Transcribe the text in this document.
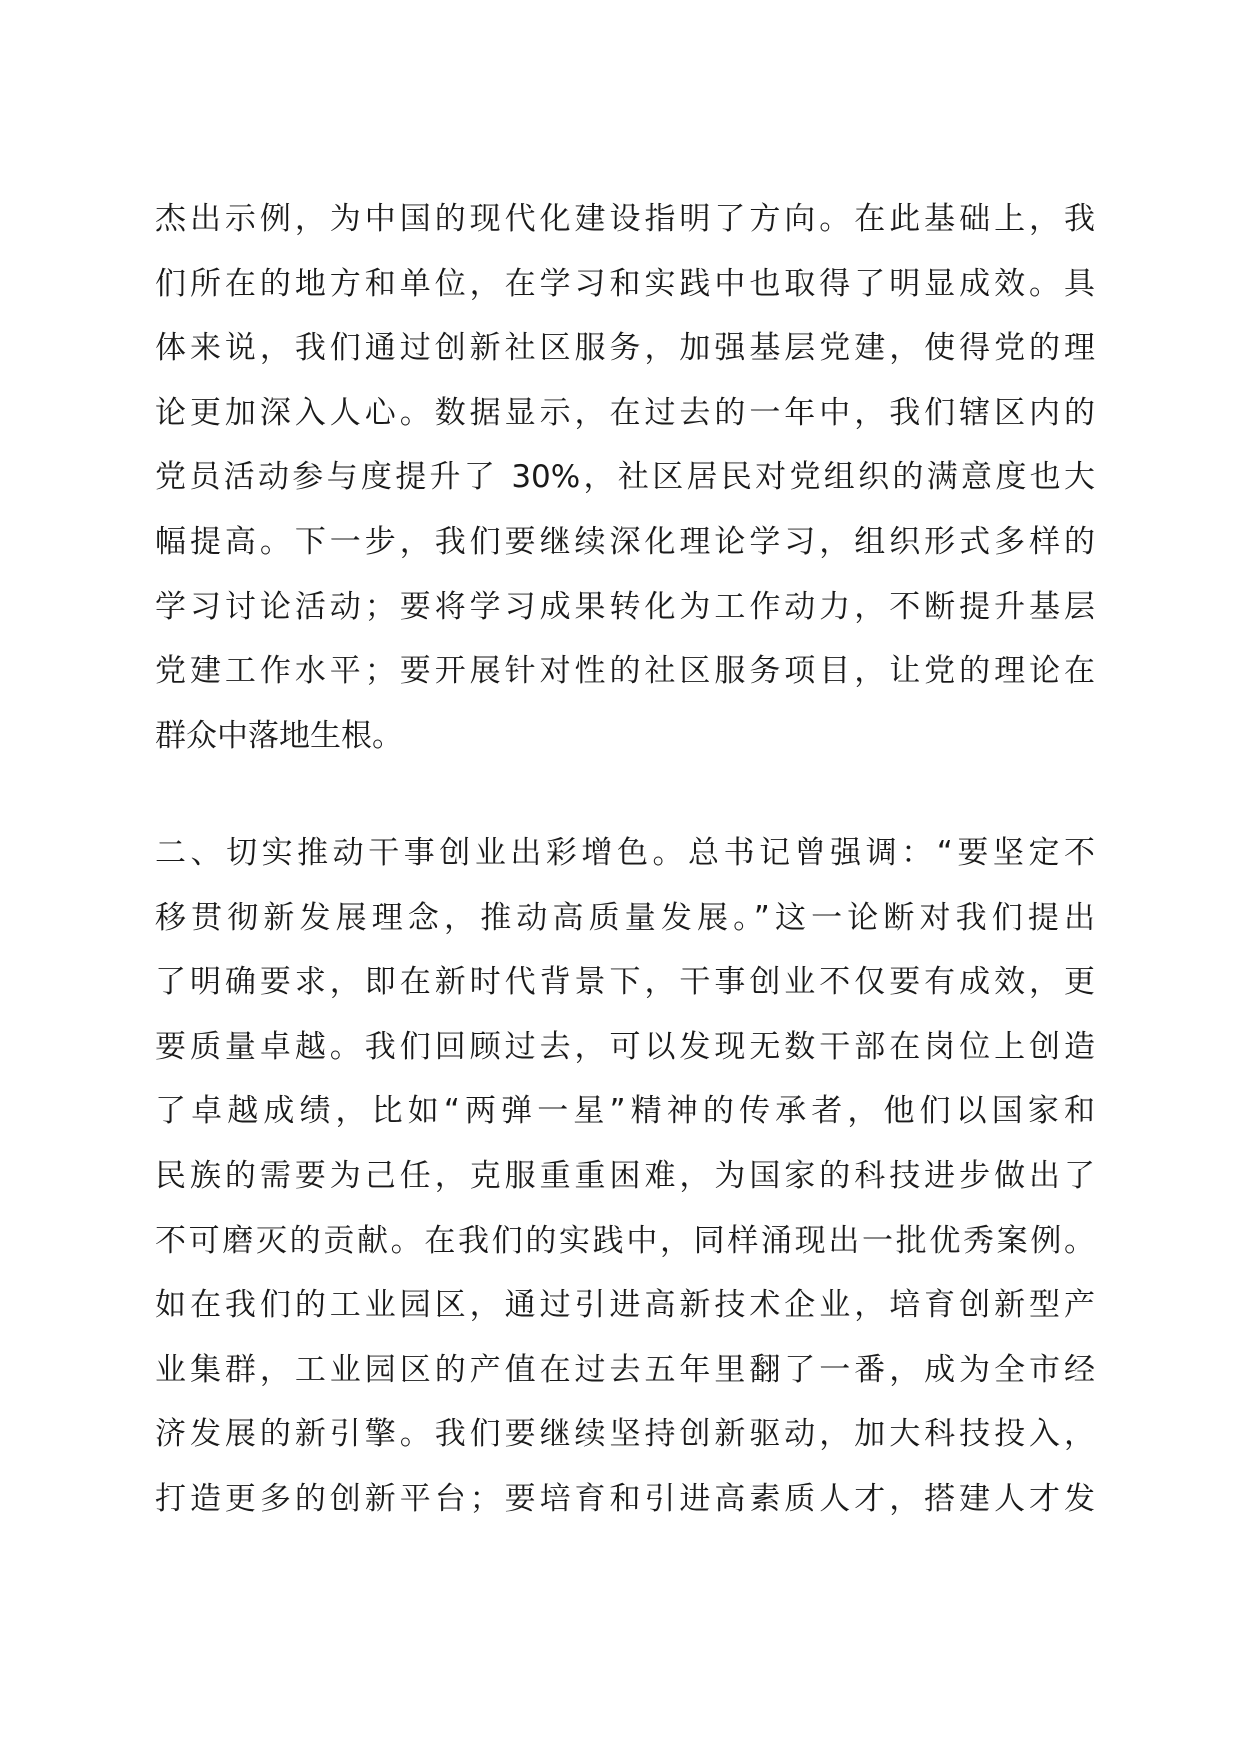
杰出示例，为中国的现代化建设指明了方向。在此基础上，我
们所在的地方和单位，在学习和实践中也取得了明显成效。具
体来说，我们通过创新社区服务，加强基层党建，使得党的理
论更加深入人心。数据显示，在过去的一年中，我们辖区内的
党员活动参与度提升了 30%，社区居民对党组织的满意度也大
幅提高。下一步，我们要继续深化理论学习，组织形式多样的
学习讨论活动；要将学习成果转化为工作动力，不断提升基层
党建工作水平；要开展针对性的社区服务项目，让党的理论在
群众中落地生根。
二、切实推动干事创业出彩增色。总书记曾强调：“要坚定不
移贯彻新发展理念，推动高质量发展。”这一论断对我们提出
了明确要求，即在新时代背景下，干事创业不仅要有成效，更
要质量卓越。我们回顾过去，可以发现无数干部在岗位上创造
了卓越成绩，比如“两弹一星”精神的传承者，他们以国家和
民族的需要为己任，克服重重困难，为国家的科技进步做出了
不可磨灭的贡献。在我们的实践中，同样涌现出一批优秀案例。
如在我们的工业园区，通过引进高新技术企业，培育创新型产
业集群，工业园区的产值在过去五年里翻了一番，成为全市经
济发展的新引擎。我们要继续坚持创新驱动，加大科技投入，
打造更多的创新平台；要培育和引进高素质人才，搭建人才发
